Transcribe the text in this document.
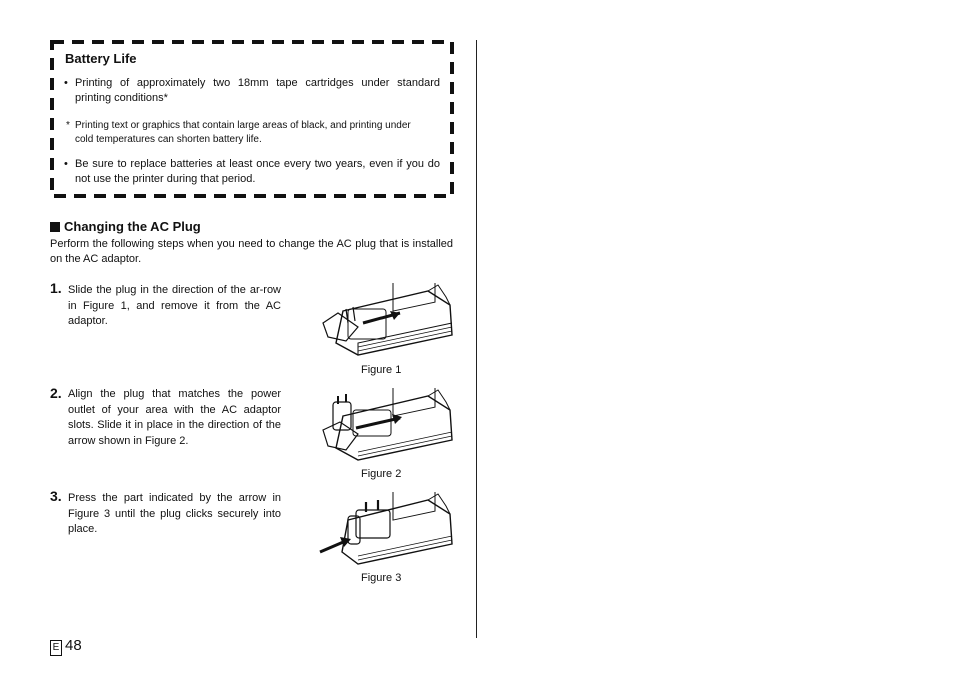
Battery Life
• Printing of approximately two 18mm tape cartridges under standard printing conditions*
* Printing text or graphics that contain large areas of black, and printing under cold temperatures can shorten battery life.
• Be sure to replace batteries at least once every two years, even if you do not use the printer during that period.
Changing the AC Plug
Perform the following steps when you need to change the AC plug that is installed on the AC adaptor.
1. Slide the plug in the direction of the ar-row in Figure 1, and remove it from the AC adaptor.
2. Align the plug that matches the power outlet of your area with the AC adaptor slots. Slide it in place in the direction of the arrow shown in Figure 2.
3. Press the part indicated by the arrow in Figure 3 until the plug clicks securely into place.
Figure 1
Figure 2
Figure 3
E 48
